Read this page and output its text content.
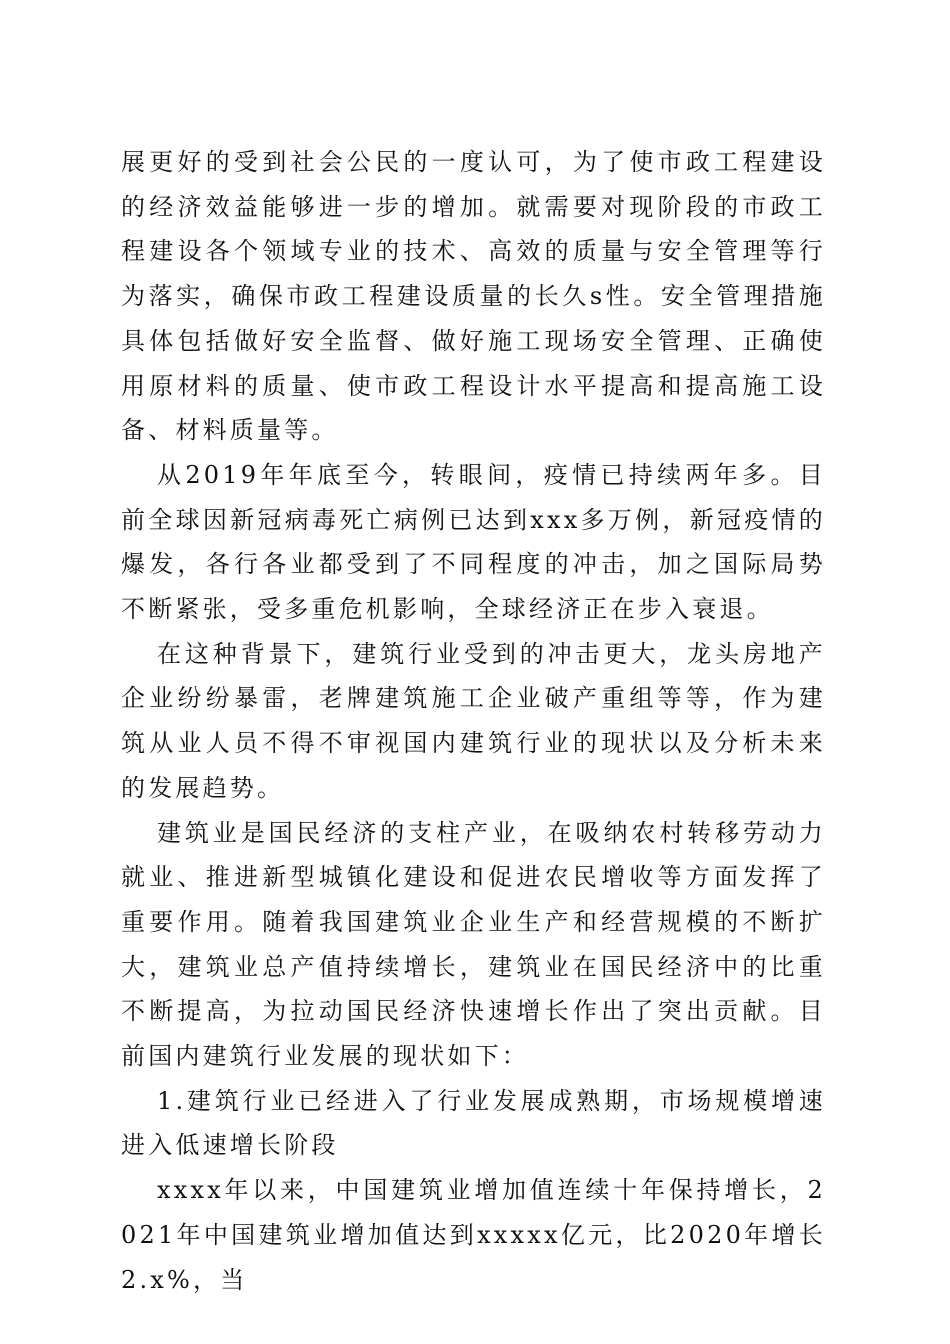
展更好的受到社会公民的一度认可，为了使市政工程建设的经济效益能够进一步的增加。就需要对现阶段的市政工程建设各个领域专业的技术、高效的质量与安全管理等行为落实，确保市政工程建设质量的长久s性。安全管理措施具体包括做好安全监督、做好施工现场安全管理、正确使用原材料的质量、使市政工程设计水平提高和提高施工设备、材料质量等。

从2019年年底至今，转眼间，疫情已持续两年多。目前全球因新冠病毒死亡病例已达到xxx多万例，新冠疫情的爆发，各行各业都受到了不同程度的冲击，加之国际局势不断紧张，受多重危机影响，全球经济正在步入衰退。

在这种背景下，建筑行业受到的冲击更大，龙头房地产企业纷纷暴雷，老牌建筑施工企业破产重组等等，作为建筑从业人员不得不审视国内建筑行业的现状以及分析未来的发展趋势。

建筑业是国民经济的支柱产业，在吸纳农村转移劳动力就业、推进新型城镇化建设和促进农民增收等方面发挥了重要作用。随着我国建筑业企业生产和经营规模的不断扩大，建筑业总产值持续增长，建筑业在国民经济中的比重不断提高，为拉动国民经济快速增长作出了突出贡献。目前国内建筑行业发展的现状如下：

1.建筑行业已经进入了行业发展成熟期，市场规模增速进入低速增长阶段

xxxx年以来，中国建筑业增加值连续十年保持增长，2021年中国建筑业增加值达到xxxxx亿元，比2020年增长2.x%，当
